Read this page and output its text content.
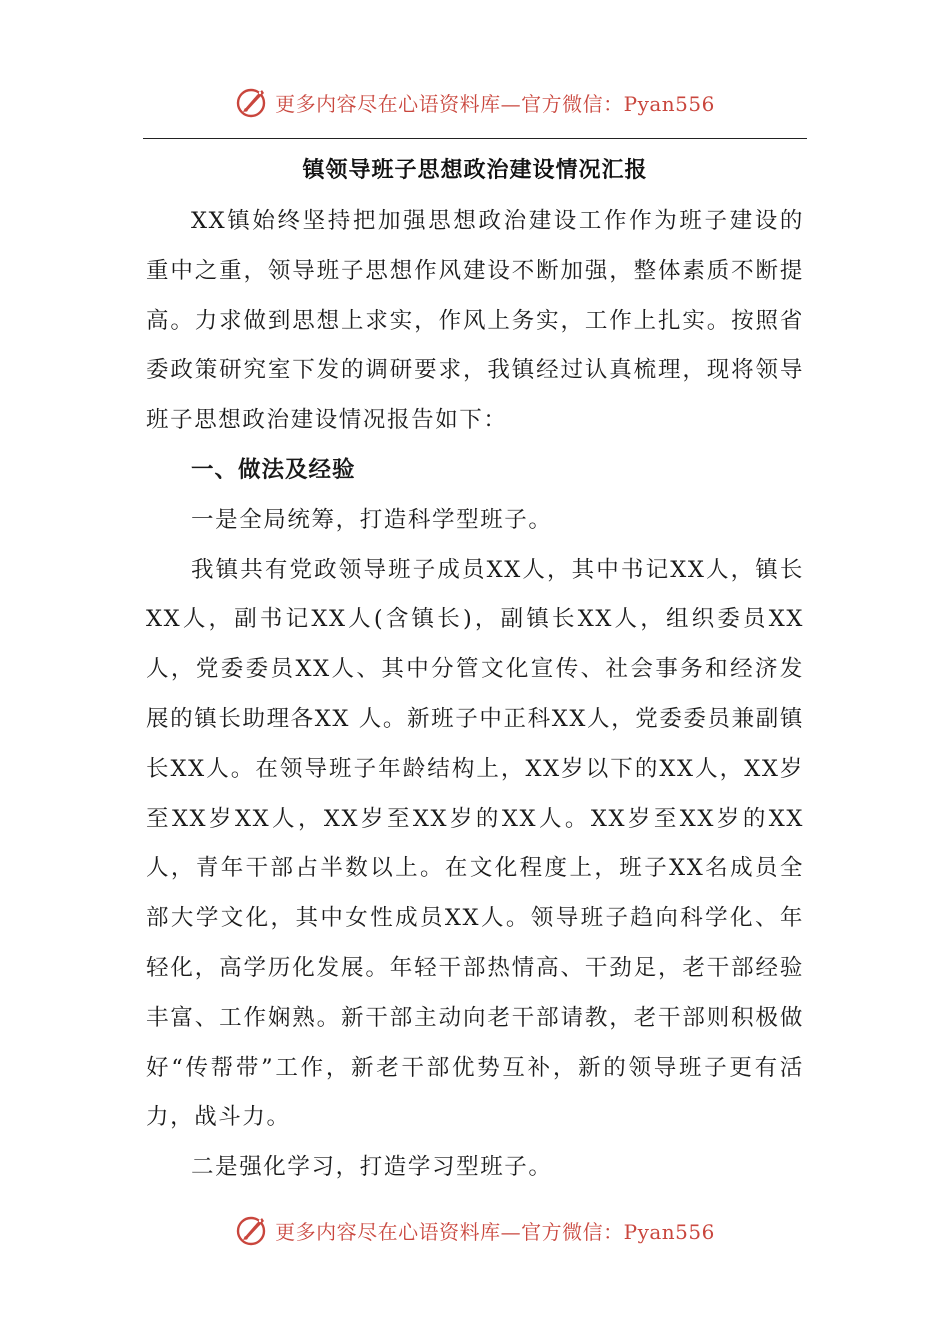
更多内容尽在心语资料库—官方微信：Pyan556
镇领导班子思想政治建设情况汇报

XX镇始终坚持把加强思想政治建设工作作为班子建设的重中之重，领导班子思想作风建设不断加强，整体素质不断提高。力求做到思想上求实，作风上务实，工作上扎实。按照省委政策研究室下发的调研要求，我镇经过认真梳理，现将领导班子思想政治建设情况报告如下：

一、做法及经验

一是全局统筹，打造科学型班子。

我镇共有党政领导班子成员XX人，其中书记XX人，镇长XX人，副书记XX人(含镇长)，副镇长XX人，组织委员XX人，党委委员XX人、其中分管文化宣传、社会事务和经济发展的镇长助理各XX 人。新班子中正科XX人，党委委员兼副镇长XX人。在领导班子年龄结构上，XX岁以下的XX人，XX岁至XX岁XX人，XX岁至XX岁的XX人。XX岁至XX岁的XX人，青年干部占半数以上。在文化程度上，班子XX名成员全部大学文化，其中女性成员XX人。领导班子趋向科学化、年轻化，高学历化发展。年轻干部热情高、干劲足，老干部经验丰富、工作娴熟。新干部主动向老干部请教，老干部则积极做好“传帮带”工作，新老干部优势互补，新的领导班子更有活力，战斗力。

二是强化学习，打造学习型班子。

更多内容尽在心语资料库—官方微信：Pyan556
